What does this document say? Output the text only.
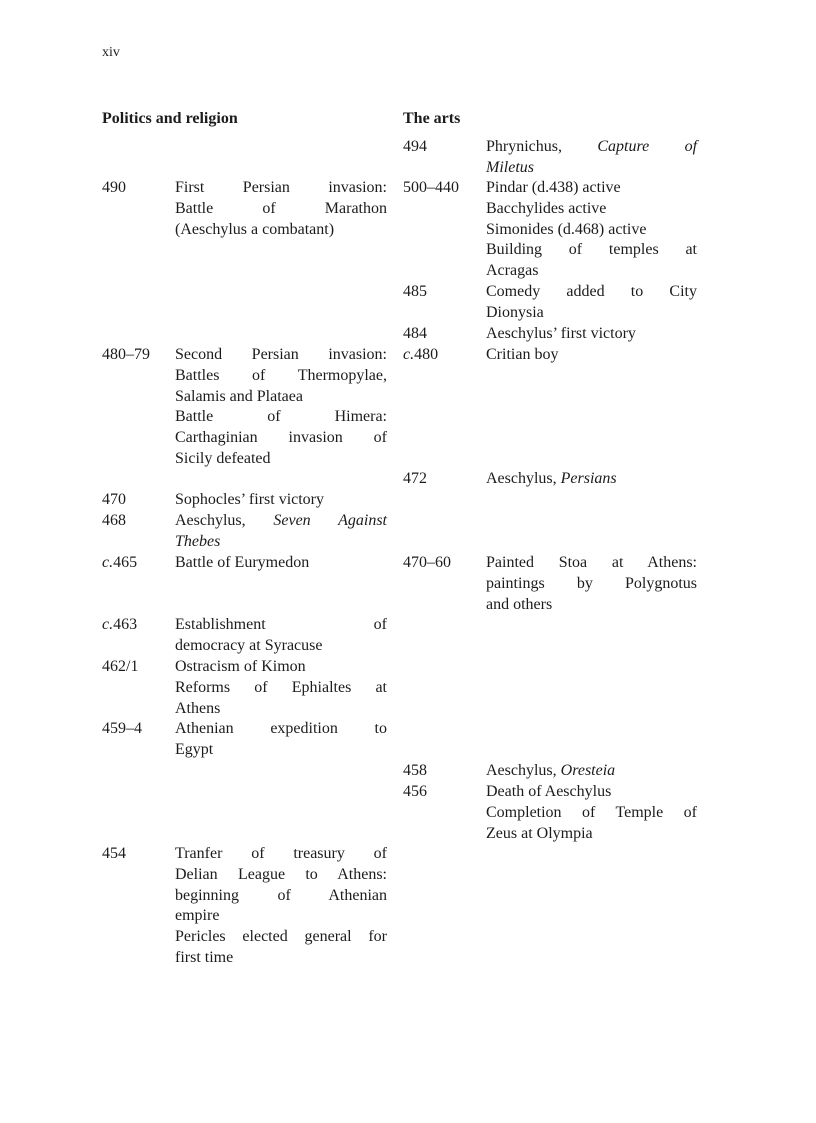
xiv
Politics and religion	The arts
490	First Persian invasion:
Battle of Marathon
(Aeschylus a combatant)
480–79 Second Persian invasion:
Battles of Thermopylae,
Salamis and Plataea
Battle of Himera:
Carthaginian invasion of
Sicily defeated
470	Sophocles’ first victory
468	Aeschylus, Seven Against
Thebes
c.465 Battle of Eurymedon
c.463 Establishment of
democracy at Syracuse
462/1 Ostracism of Kimon
Reforms of Ephialtes at
Athens
459–4 Athenian expedition to
Egypt
454	Tranfer of treasury of
Delian League to Athens:
beginning of Athenian
empire
Pericles elected general for
first time
494	Phrynichus, Capture of
Miletus
500–440 Pindar (d.438) active
Bacchylides active
Simonides (d.468) active
Building of temples at
Acragas
485	Comedy added to City
Dionysia
484	Aeschylus’ first victory
c.480	Critian boy
472	Aeschylus, Persians
470–60 Painted Stoa at Athens:
paintings by Polygnotus
and others
458	Aeschylus, Oresteia
456	Death of Aeschylus
Completion of Temple of
Zeus at Olympia
